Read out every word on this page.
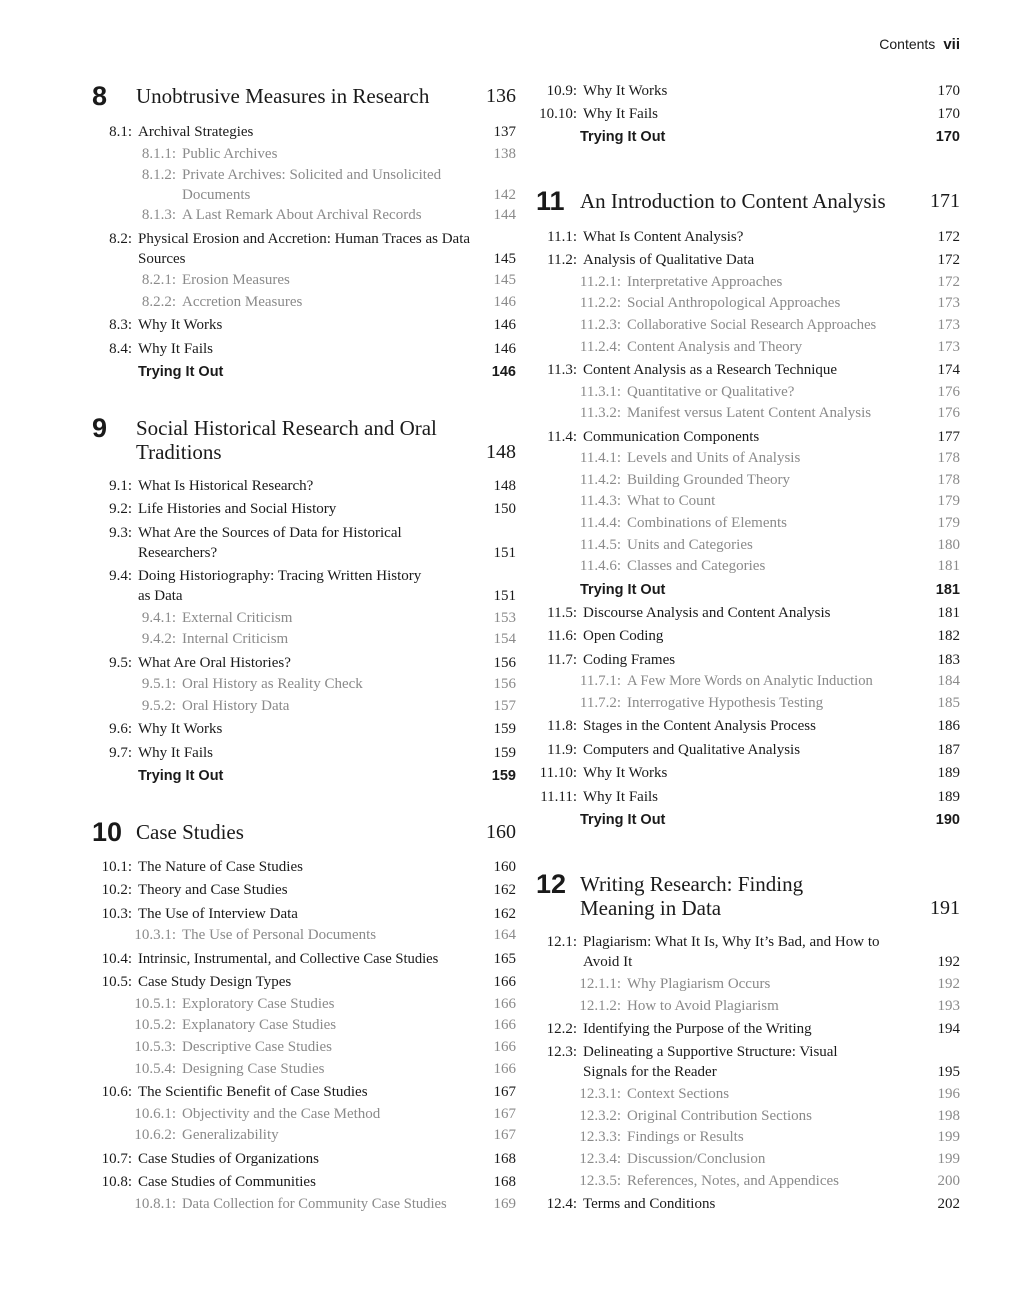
Contents vii
8	Unobtrusive Measures in Research	136
8.1: Archival Strategies	137
8.1.1: Public Archives	138
8.1.2: Private Archives: Solicited and Unsolicited Documents	142
8.1.3: A Last Remark About Archival Records	144
8.2: Physical Erosion and Accretion: Human Traces as Data Sources	145
8.2.1: Erosion Measures	145
8.2.2: Accretion Measures	146
8.3: Why It Works	146
8.4: Why It Fails	146
Trying It Out	146
9	Social Historical Research and Oral Traditions	148
9.1: What Is Historical Research?	148
9.2: Life Histories and Social History	150
9.3: What Are the Sources of Data for Historical Researchers?	151
9.4: Doing Historiography: Tracing Written History as Data	151
9.4.1: External Criticism	153
9.4.2: Internal Criticism	154
9.5: What Are Oral Histories?	156
9.5.1: Oral History as Reality Check	156
9.5.2: Oral History Data	157
9.6: Why It Works	159
9.7: Why It Fails	159
Trying It Out	159
10 Case Studies	160
10.1: The Nature of Case Studies	160
10.2: Theory and Case Studies	162
10.3: The Use of Interview Data	162
10.3.1: The Use of Personal Documents	164
10.4: Intrinsic, Instrumental, and Collective Case Studies	165
10.5: Case Study Design Types	166
10.5.1: Exploratory Case Studies	166
10.5.2: Explanatory Case Studies	166
10.5.3: Descriptive Case Studies	166
10.5.4: Designing Case Studies	166
10.6: The Scientific Benefit of Case Studies	167
10.6.1: Objectivity and the Case Method	167
10.6.2: Generalizability	167
10.7: Case Studies of Organizations	168
10.8: Case Studies of Communities	168
10.8.1: Data Collection for Community Case Studies	169
10.9: Why It Works	170
10.10: Why It Fails	170
Trying It Out	170
11 An Introduction to Content Analysis	171
11.1: What Is Content Analysis?	172
11.2: Analysis of Qualitative Data	172
11.2.1: Interpretative Approaches	172
11.2.2: Social Anthropological Approaches	173
11.2.3: Collaborative Social Research Approaches	173
11.2.4: Content Analysis and Theory	173
11.3: Content Analysis as a Research Technique	174
11.3.1: Quantitative or Qualitative?	176
11.3.2: Manifest versus Latent Content Analysis	176
11.4: Communication Components	177
11.4.1: Levels and Units of Analysis	178
11.4.2: Building Grounded Theory	178
11.4.3: What to Count	179
11.4.4: Combinations of Elements	179
11.4.5: Units and Categories	180
11.4.6: Classes and Categories	181
Trying It Out	181
11.5: Discourse Analysis and Content Analysis	181
11.6: Open Coding	182
11.7: Coding Frames	183
11.7.1: A Few More Words on Analytic Induction	184
11.7.2: Interrogative Hypothesis Testing	185
11.8: Stages in the Content Analysis Process	186
11.9: Computers and Qualitative Analysis	187
11.10: Why It Works	189
11.11: Why It Fails	189
Trying It Out	190
12 Writing Research: Finding Meaning in Data	191
12.1: Plagiarism: What It Is, Why It’s Bad, and How to Avoid It	192
12.1.1: Why Plagiarism Occurs	192
12.1.2: How to Avoid Plagiarism	193
12.2: Identifying the Purpose of the Writing	194
12.3: Delineating a Supportive Structure: Visual Signals for the Reader	195
12.3.1: Context Sections	196
12.3.2: Original Contribution Sections	198
12.3.3: Findings or Results	199
12.3.4: Discussion/Conclusion	199
12.3.5: References, Notes, and Appendices	200
12.4: Terms and Conditions	202
